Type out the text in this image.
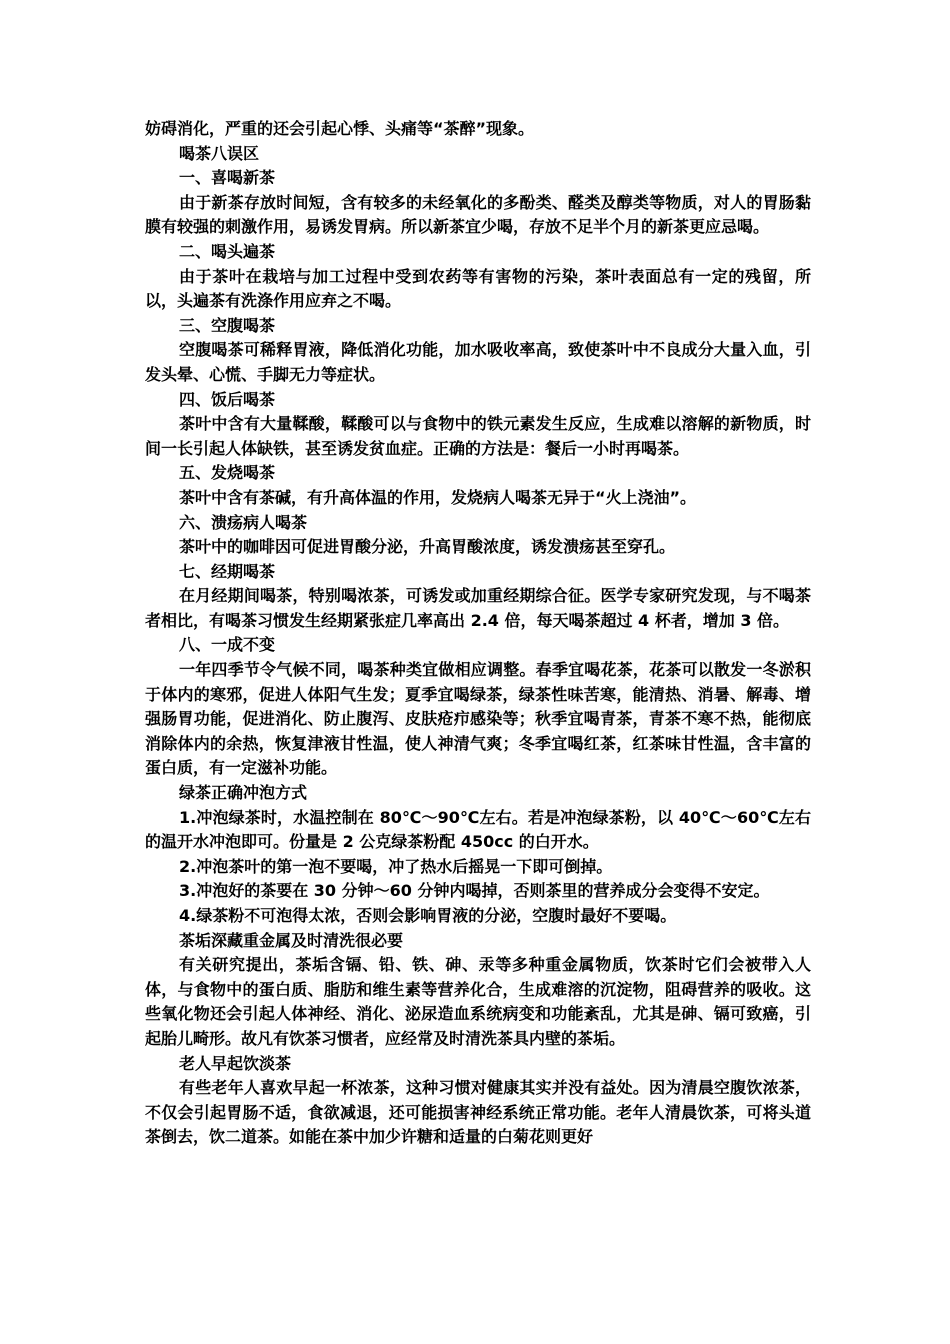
妨碍消化，严重的还会引起心悸、头痛等“茶醉”现象。

喝茶八误区

一、喜喝新茶

由于新茶存放时间短，含有较多的未经氧化的多酚类、醛类及醇类等物质，对人的胃肠黏膜有较强的刺激作用，易诱发胃病。所以新茶宜少喝，存放不足半个月的新茶更应忌喝。

二、喝头遍茶

由于茶叶在栽培与加工过程中受到农药等有害物的污染，茶叶表面总有一定的残留，所以，头遍茶有洗涤作用应弃之不喝。

三、空腹喝茶

空腹喝茶可稀释胃液，降低消化功能，加水吸收率高，致使茶叶中不良成分大量入血，引发头晕、心慌、手脚无力等症状。

四、饭后喝茶

茶叶中含有大量鞣酸，鞣酸可以与食物中的铁元素发生反应，生成难以溶解的新物质，时间一长引起人体缺铁，甚至诱发贫血症。正确的方法是：餐后一小时再喝茶。

五、发烧喝茶

茶叶中含有茶碱，有升高体温的作用，发烧病人喝茶无异于“火上浇油”。

六、溃疡病人喝茶

茶叶中的咖啡因可促进胃酸分泌，升高胃酸浓度，诱发溃疡甚至穿孔。

七、经期喝茶

在月经期间喝茶，特别喝浓茶，可诱发或加重经期综合征。医学专家研究发现，与不喝茶者相比，有喝茶习惯发生经期紧张症几率高出 2.4 倍，每天喝茶超过 4 杯者，增加 3 倍。

八、一成不变

一年四季节令气候不同，喝茶种类宜做相应调整。春季宜喝花茶，花茶可以散发一冬淤积于体内的寒邪，促进人体阳气生发；夏季宜喝绿茶，绿茶性味苦寒，能清热、消暑、解毒、增强肠胃功能，促进消化、防止腹泻、皮肤疮疖感染等；秋季宜喝青茶，青茶不寒不热，能彻底消除体内的余热，恢复津液甘性温，使人神清气爽；冬季宜喝红茶，红茶味甘性温，含丰富的蛋白质，有一定滋补功能。

绿茶正确冲泡方式

1.冲泡绿茶时，水温控制在 80℃～90℃左右。若是冲泡绿茶粉，以 40℃～60℃左右的温开水冲泡即可。份量是 2 公克绿茶粉配 450cc 的白开水。

2.冲泡茶叶的第一泡不要喝，冲了热水后摇晃一下即可倒掉。

3.冲泡好的茶要在 30 分钟～60 分钟内喝掉，否则茶里的营养成分会变得不安定。

4.绿茶粉不可泡得太浓，否则会影响胃液的分泌，空腹时最好不要喝。

茶垢深藏重金属及时清洗很必要

有关研究提出，茶垢含镉、铅、铁、砷、汞等多种重金属物质，饮茶时它们会被带入人体，与食物中的蛋白质、脂肪和维生素等营养化合，生成难溶的沉淀物，阻碍营养的吸收。这些氧化物还会引起人体神经、消化、泌尿造血系统病变和功能紊乱，尤其是砷、镉可致癌，引起胎儿畸形。故凡有饮茶习惯者，应经常及时清洗茶具内壁的茶垢。

老人早起饮淡茶

有些老年人喜欢早起一杯浓茶，这种习惯对健康其实并没有益处。因为清晨空腹饮浓茶，不仅会引起胃肠不适，食欲减退，还可能损害神经系统正常功能。老年人清晨饮茶，可将头道茶倒去，饮二道茶。如能在茶中加少许糖和适量的白菊花则更好
